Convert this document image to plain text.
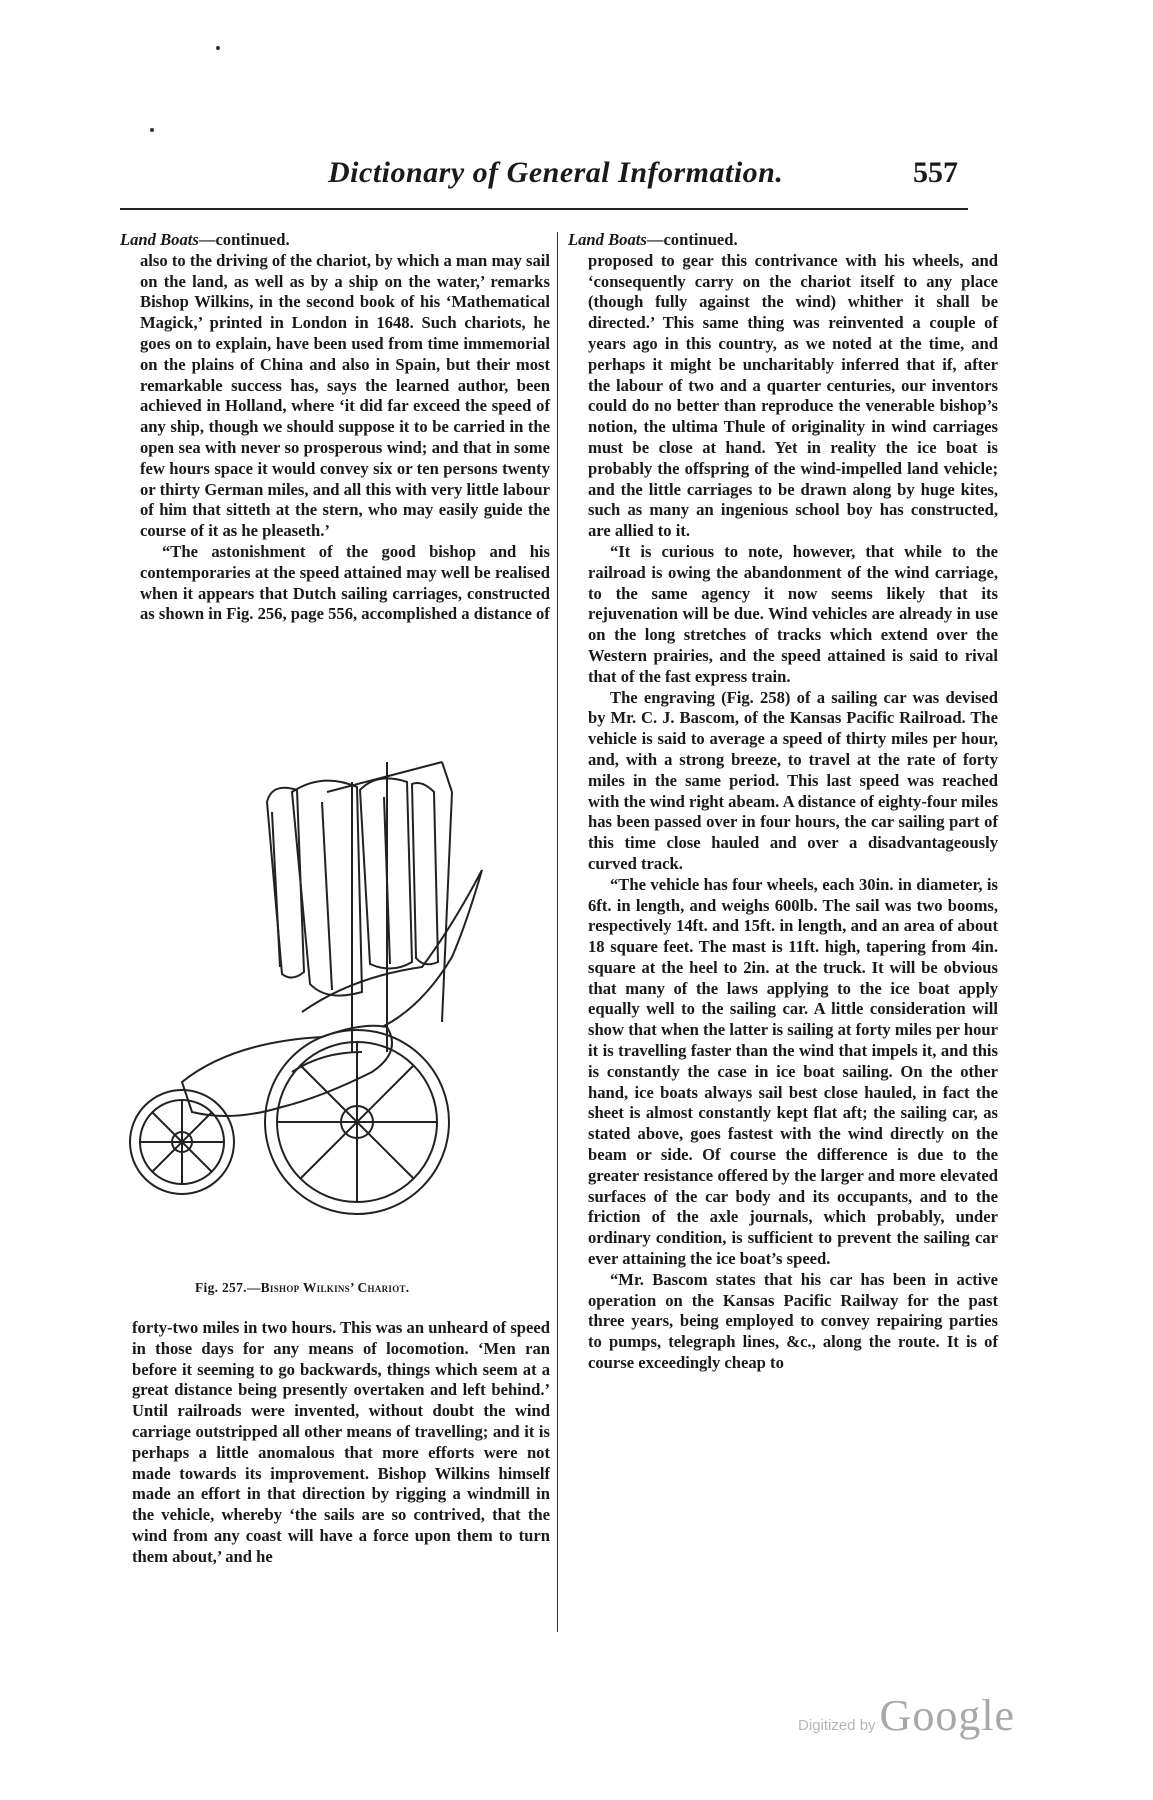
Dictionary of General Information.	557
Land Boats—continued.

also to the driving of the chariot, by which a man may sail on the land, as well as by a ship on the water,’ remarks Bishop Wilkins, in the second book of his ‘Mathematical Magick,’ printed in London in 1648. Such chariots, he goes on to explain, have been used from time immemorial on the plains of China and also in Spain, but their most remarkable success has, says the learned author, been achieved in Holland, where ‘it did far exceed the speed of any ship, though we should suppose it to be carried in the open sea with never so prosperous wind; and that in some few hours space it would convey six or ten persons twenty or thirty German miles, and all this with very little labour of him that sitteth at the stern, who may easily guide the course of it as he pleaseth.’

“The astonishment of the good bishop and his contemporaries at the speed attained may well be realised when it appears that Dutch sailing carriages, constructed as shown in Fig. 256, page 556, accomplished a distance of

Fig. 257.—Bishop Wilkins’ Chariot.

forty-two miles in two hours. This was an unheard of speed in those days for any means of locomotion. ‘Men ran before it seeming to go backwards, things which seem at a great distance being presently overtaken and left behind.’ Until railroads were invented, without doubt the wind carriage outstripped all other means of travelling; and it is perhaps a little anomalous that more efforts were not made towards its improvement. Bishop Wilkins himself made an effort in that direction by rigging a windmill in the vehicle, whereby ‘the sails are so contrived, that the wind from any coast will have a force upon them to turn them about,’ and he

Land Boats—continued.

proposed to gear this contrivance with his wheels, and ‘consequently carry on the chariot itself to any place (though fully against the wind) whither it shall be directed.’ This same thing was reinvented a couple of years ago in this country, as we noted at the time, and perhaps it might be uncharitably inferred that if, after the labour of two and a quarter centuries, our inventors could do no better than reproduce the venerable bishop’s notion, the ultima Thule of originality in wind carriages must be close at hand. Yet in reality the ice boat is probably the offspring of the wind-impelled land vehicle; and the little carriages to be drawn along by huge kites, such as many an ingenious school boy has constructed, are allied to it.

“It is curious to note, however, that while to the railroad is owing the abandonment of the wind carriage, to the same agency it now seems likely that its rejuvenation will be due. Wind vehicles are already in use on the long stretches of tracks which extend over the Western prairies, and the speed attained is said to rival that of the fast express train.

The engraving (Fig. 258) of a sailing car was devised by Mr. C. J. Bascom, of the Kansas Pacific Railroad. The vehicle is said to average a speed of thirty miles per hour, and, with a strong breeze, to travel at the rate of forty miles in the same period. This last speed was reached with the wind right abeam. A distance of eighty-four miles has been passed over in four hours, the car sailing part of this time close hauled and over a disadvantageously curved track.

“The vehicle has four wheels, each 30in. in diameter, is 6ft. in length, and weighs 600lb. The sail was two booms, respectively 14ft. and 15ft. in length, and an area of about 18 square feet. The mast is 11ft. high, tapering from 4in. square at the heel to 2in. at the truck. It will be obvious that many of the laws applying to the ice boat apply equally well to the sailing car. A little consideration will show that when the latter is sailing at forty miles per hour it is travelling faster than the wind that impels it, and this is constantly the case in ice boat sailing. On the other hand, ice boats always sail best close hauled, in fact the sheet is almost constantly kept flat aft; the sailing car, as stated above, goes fastest with the wind directly on the beam or side. Of course the difference is due to the greater resistance offered by the larger and more elevated surfaces of the car body and its occupants, and to the friction of the axle journals, which probably, under ordinary condition, is sufficient to prevent the sailing car ever attaining the ice boat’s speed.

“Mr. Bascom states that his car has been in active operation on the Kansas Pacific Railway for the past three years, being employed to convey repairing parties to pumps, telegraph lines, &c., along the route. It is of course exceedingly cheap to

Digitized by Google
